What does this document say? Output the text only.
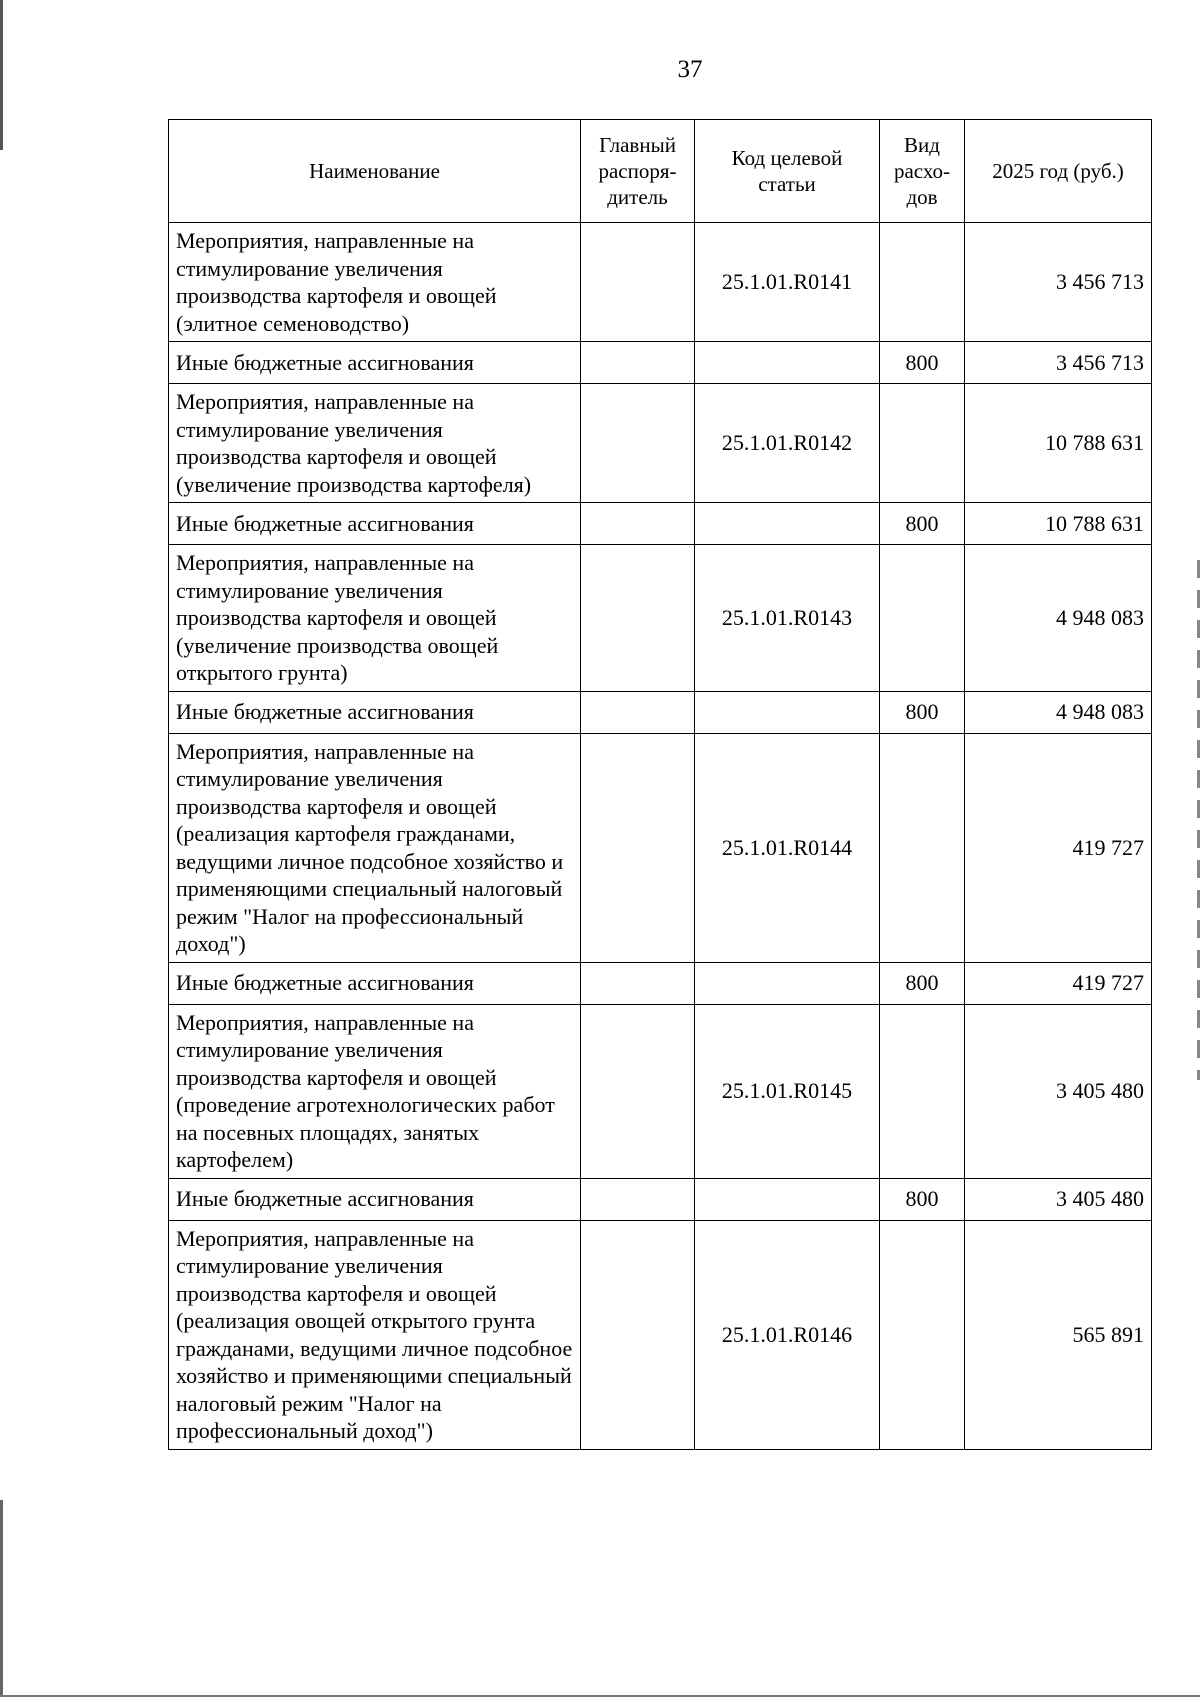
37
Наименование	Главный распоря-дитель	Код целевой статьи	Вид расхо-дов	2025 год (руб.)
Мероприятия, направленные на стимулирование увеличения производства картофеля и овощей (элитное семеноводство)		25.1.01.R0141		3 456 713
Иные бюджетные ассигнования			800	3 456 713
Мероприятия, направленные на стимулирование увеличения производства картофеля и овощей (увеличение производства картофеля)		25.1.01.R0142		10 788 631
Иные бюджетные ассигнования			800	10 788 631
Мероприятия, направленные на стимулирование увеличения производства картофеля и овощей (увеличение производства овощей открытого грунта)		25.1.01.R0143		4 948 083
Иные бюджетные ассигнования			800	4 948 083
Мероприятия, направленные на стимулирование увеличения производства картофеля и овощей (реализация картофеля гражданами, ведущими личное подсобное хозяйство и применяющими специальный налоговый режим "Налог на профессиональный доход")		25.1.01.R0144		419 727
Иные бюджетные ассигнования			800	419 727
Мероприятия, направленные на стимулирование увеличения производства картофеля и овощей (проведение агротехнологических работ на посевных площадях, занятых картофелем)		25.1.01.R0145		3 405 480
Иные бюджетные ассигнования			800	3 405 480
Мероприятия, направленные на стимулирование увеличения производства картофеля и овощей (реализация овощей открытого грунта гражданами, ведущими личное подсобное хозяйство и применяющими специальный налоговый режим "Налог на профессиональный доход")		25.1.01.R0146		565 891
